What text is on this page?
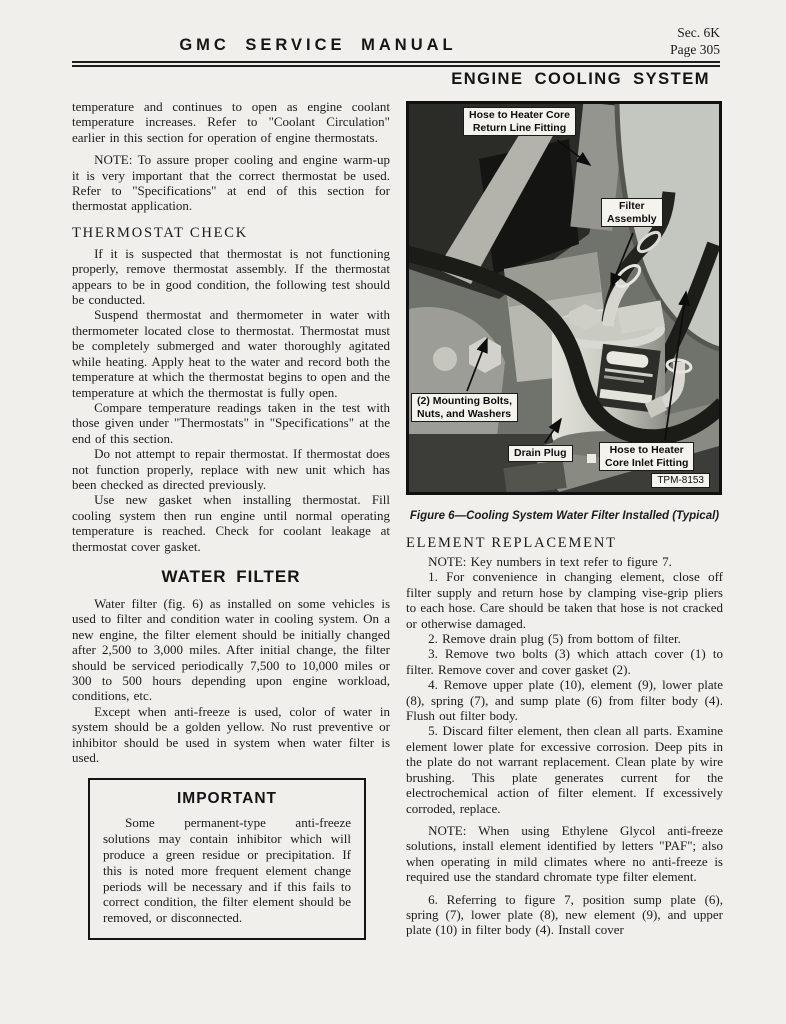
GMC SERVICE MANUAL
Sec. 6K
Page 305
ENGINE COOLING SYSTEM

temperature and continues to open as engine coolant temperature increases. Refer to "Coolant Circulation" earlier in this section for operation of engine thermostats.

NOTE: To assure proper cooling and engine warm-up it is very important that the correct thermostat be used. Refer to "Specifications" at end of this section for thermostat application.

THERMOSTAT CHECK

If it is suspected that thermostat is not functioning properly, remove thermostat assembly. If the thermostat appears to be in good condition, the following test should be conducted.

Suspend thermostat and thermometer in water with thermometer located close to thermostat. Thermostat must be completely submerged and water thoroughly agitated while heating. Apply heat to the water and record both the temperature at which the thermostat begins to open and the temperature at which the thermostat is fully open.

Compare temperature readings taken in the test with those given under "Thermostats" in "Specifications" at the end of this section.

Do not attempt to repair thermostat. If thermostat does not function properly, replace with new unit which has been checked as directed previously.

Use new gasket when installing thermostat. Fill cooling system then run engine until normal operating temperature is reached. Check for coolant leakage at thermostat cover gasket.

WATER FILTER

Water filter (fig. 6) as installed on some vehicles is used to filter and condition water in cooling system. On a new engine, the filter element should be initially changed after 2,500 to 3,000 miles. After initial change, the filter should be serviced periodically 7,500 to 10,000 miles or 300 to 500 hours depending upon engine workload, conditions, etc.

Except when anti-freeze is used, color of water in system should be a golden yellow. No rust preventive or inhibitor should be used in system when water filter is used.

IMPORTANT

Some permanent-type anti-freeze solutions may contain inhibitor which will produce a green residue or precipitation. If this is noted more frequent element change periods will be necessary and if this fails to correct condition, the filter element should be removed, or disconnected.

Hose to Heater Core
Return Line Fitting
Filter
Assembly
(2) Mounting Bolts,
Nuts, and Washers
Drain Plug	Hose to Heater
Core Inlet Fitting
TPM-8153
Figure 6—Cooling System Water Filter Installed (Typical)
ELEMENT REPLACEMENT

NOTE: Key numbers in text refer to figure 7.

1. For convenience in changing element, close off filter supply and return hose by clamping vise-grip pliers to each hose. Care should be taken that hose is not cracked or otherwise damaged.

2. Remove drain plug (5) from bottom of filter.

3. Remove two bolts (3) which attach cover (1) to filter. Remove cover and cover gasket (2).

4. Remove upper plate (10), element (9), lower plate (8), spring (7), and sump plate (6) from filter body (4). Flush out filter body.

5. Discard filter element, then clean all parts. Examine element lower plate for excessive corrosion. Deep pits in the plate do not warrant replacement. Clean plate by wire brushing. This plate generates current for the electrochemical action of filter element. If excessively corroded, replace.

NOTE: When using Ethylene Glycol anti-freeze solutions, install element identified by letters "PAF"; also when operating in mild climates where no anti-freeze is required use the standard chromate type filter element.

6. Referring to figure 7, position sump plate (6), spring (7), lower plate (8), new element (9), and upper plate (10) in filter body (4). Install cover
